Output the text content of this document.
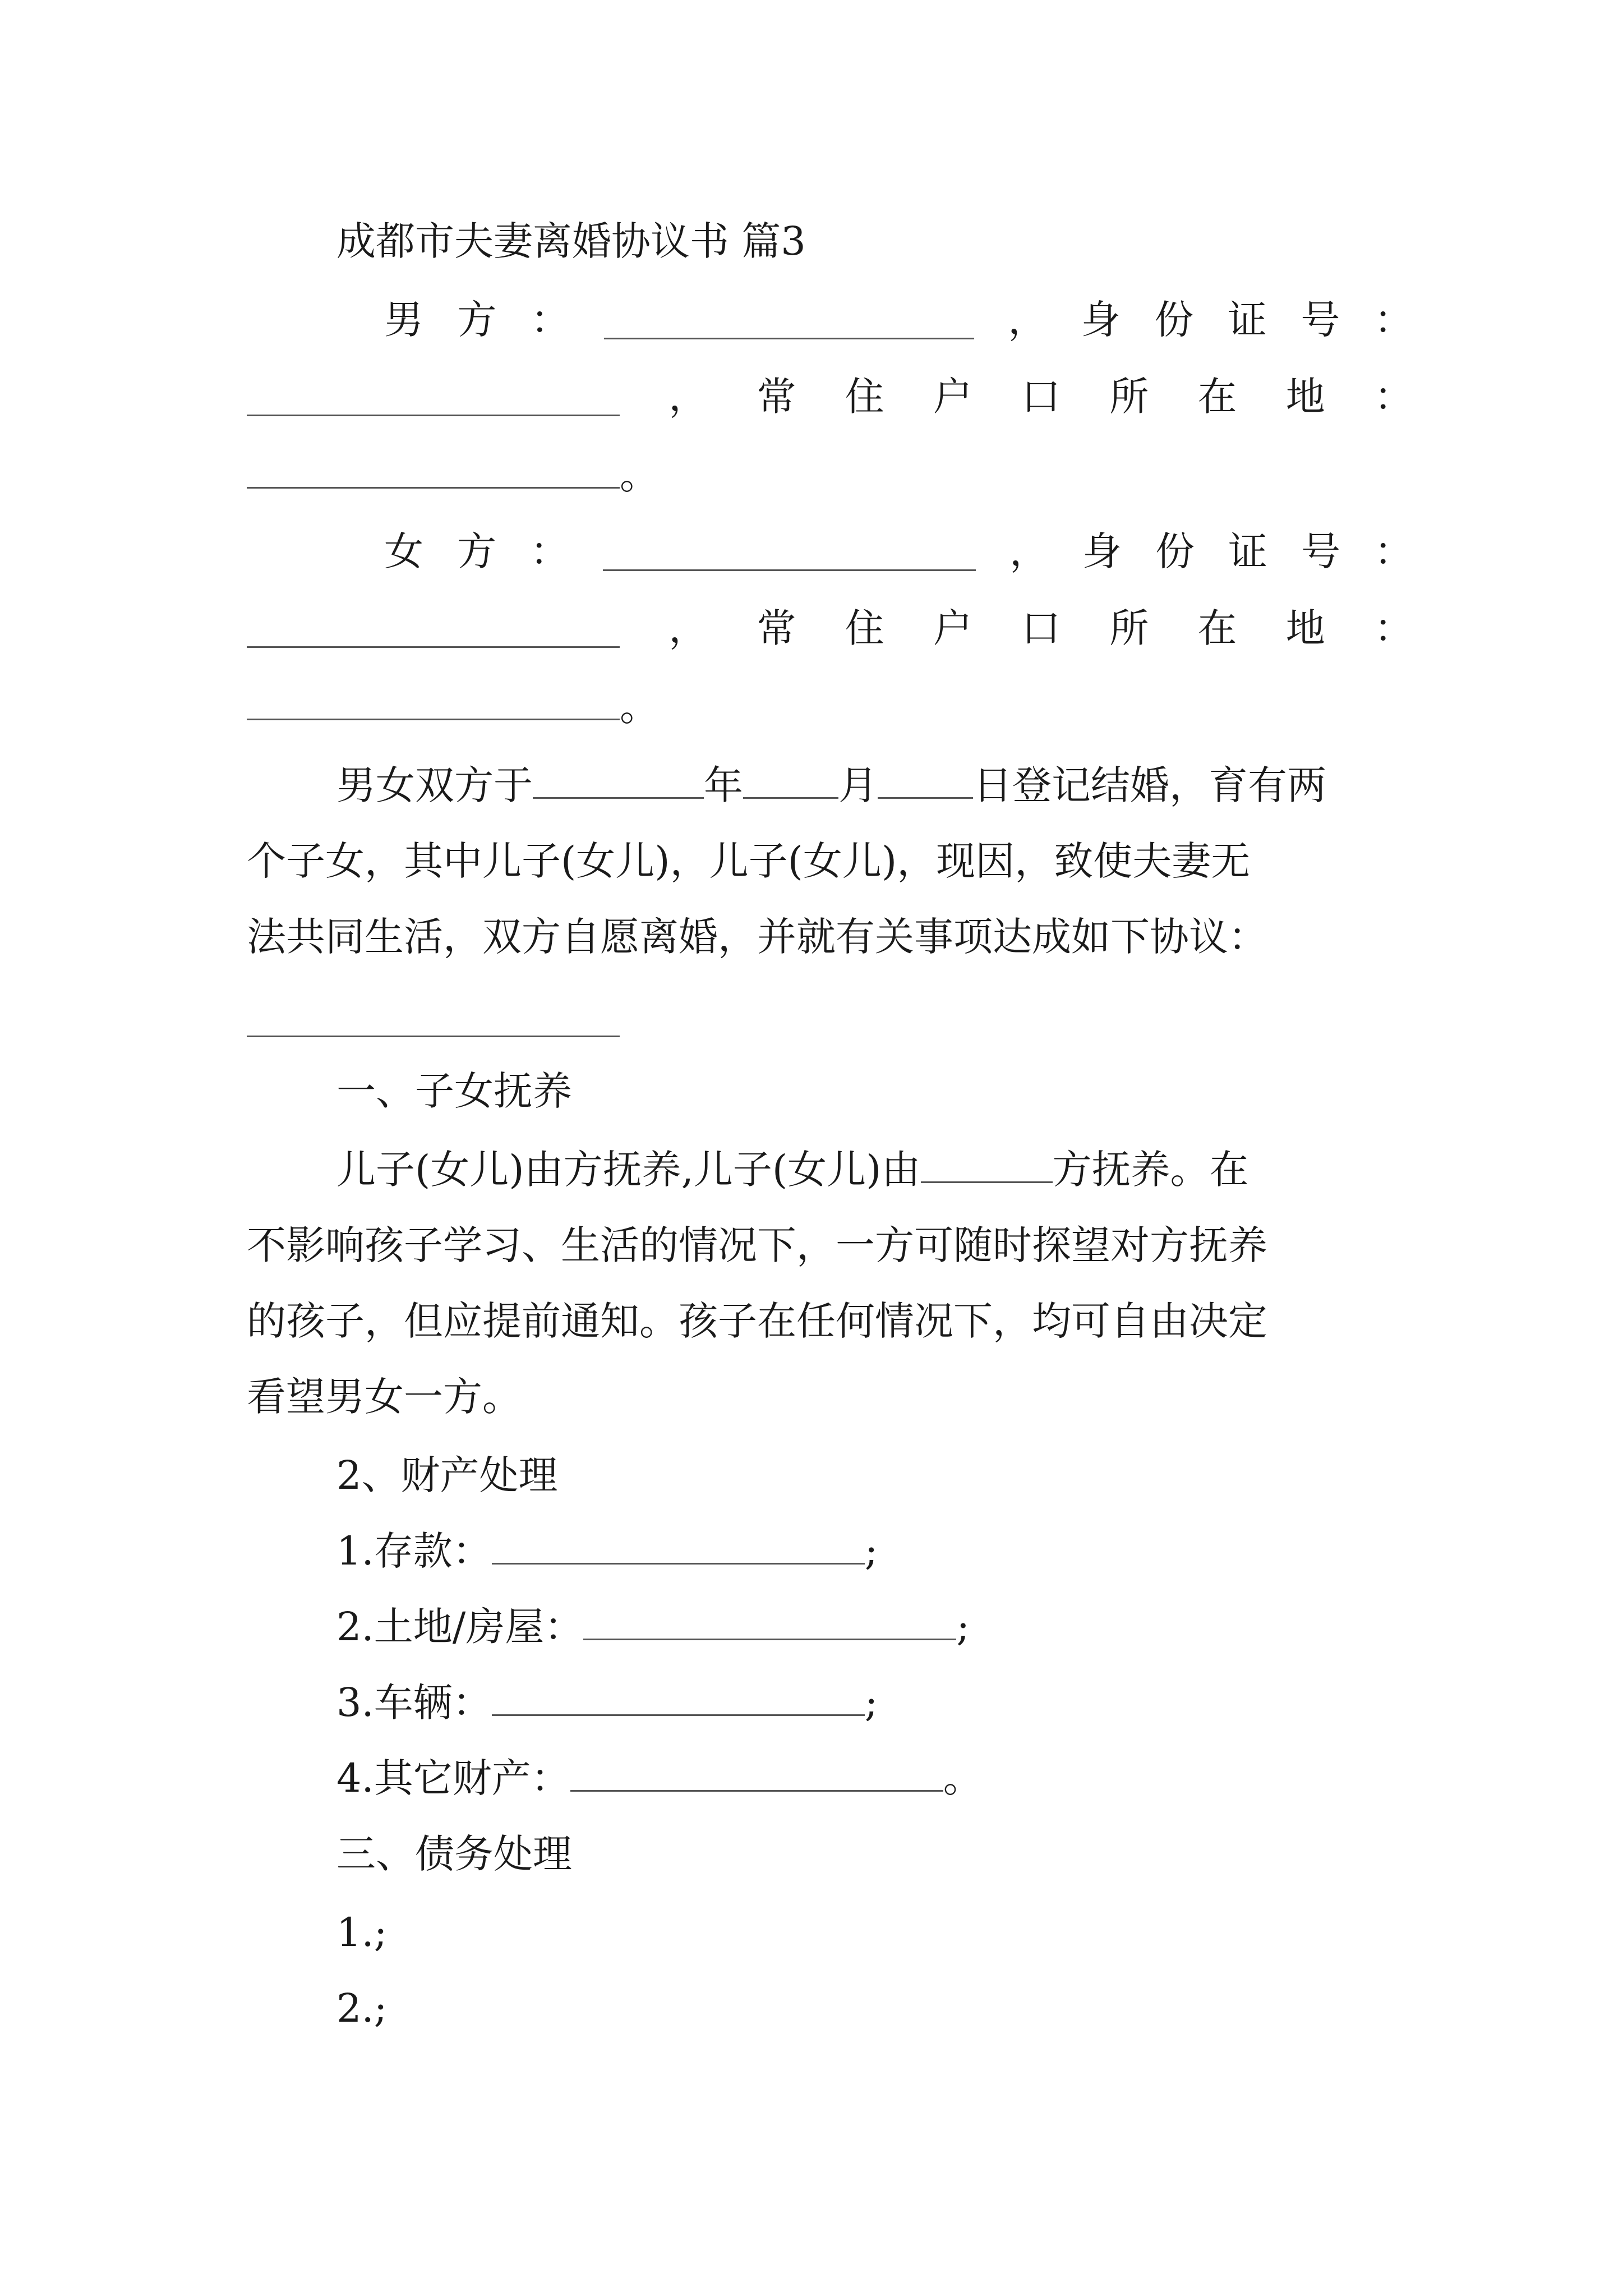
成都市夫妻离婚协议书 篇3
男 方 ：	， 身 份 证 号 ：
， 常 住 户 口 所 在 地 ：
。
女 方 ：	， 身 份 证 号 ：
， 常 住 户 口 所 在 地 ：
。
男女双方于	年 月 日登记结婚，育有两
个子女，其中儿子(女儿)，儿子(女儿)，现因，致使夫妻无
法共同生活，双方自愿离婚，并就有关事项达成如下协议：
一、子女抚养
儿子(女儿)由方抚养,儿子(女儿)由	方抚养。在
不影响孩子学习、生活的情况下，一方可随时探望对方抚养
的孩子，但应提前通知。孩子在任何情况下，均可自由决定
看望男女一方。
2、财产处理
1.存款：	;
2.土地/房屋：	;
3.车辆：	;
4.其它财产：	。
三、债务处理
1.;
2.;
